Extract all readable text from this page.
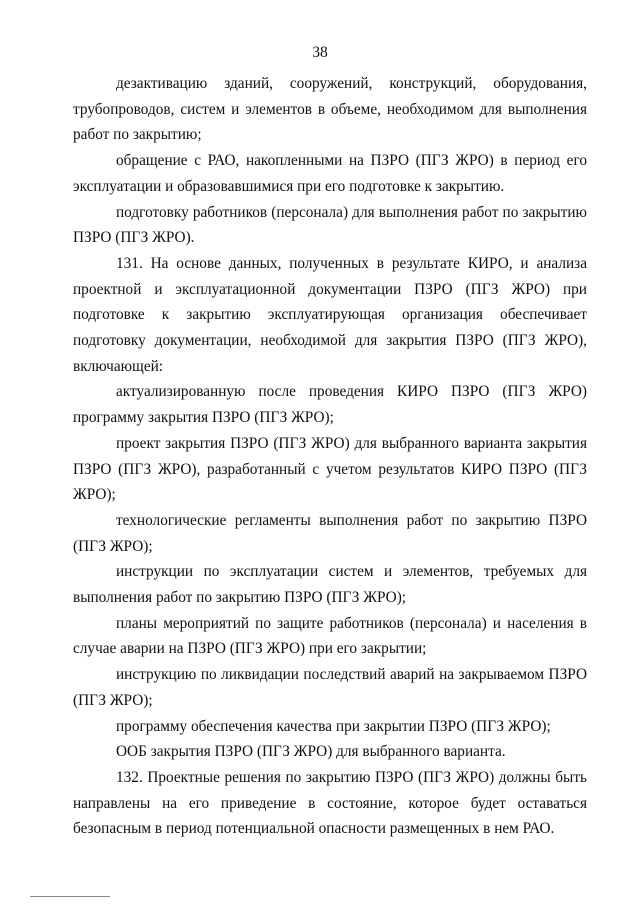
38

дезактивацию зданий, сооружений, конструкций, оборудования, трубопроводов, систем и элементов в объеме, необходимом для выполнения работ по закрытию;

обращение с РАО, накопленными на ПЗРО (ПГЗ ЖРО) в период его эксплуатации и образовавшимися при его подготовке к закрытию.

подготовку работников (персонала) для выполнения работ по закрытию ПЗРО (ПГЗ ЖРО).

131. На основе данных, полученных в результате КИРО, и анализа проектной и эксплуатационной документации ПЗРО (ПГЗ ЖРО) при подготовке к закрытию эксплуатирующая организация обеспечивает подготовку документации, необходимой для закрытия ПЗРО (ПГЗ ЖРО), включающей:

актуализированную после проведения КИРО ПЗРО (ПГЗ ЖРО) программу закрытия ПЗРО (ПГЗ ЖРО);

проект закрытия ПЗРО (ПГЗ ЖРО) для выбранного варианта закрытия ПЗРО (ПГЗ ЖРО), разработанный с учетом результатов КИРО ПЗРО (ПГЗ ЖРО);

технологические регламенты выполнения работ по закрытию ПЗРО (ПГЗ ЖРО);

инструкции по эксплуатации систем и элементов, требуемых для выполнения работ по закрытию ПЗРО (ПГЗ ЖРО);

планы мероприятий по защите работников (персонала) и населения в случае аварии на ПЗРО (ПГЗ ЖРО) при его закрытии;

инструкцию по ликвидации последствий аварий на закрываемом ПЗРО (ПГЗ ЖРО);

программу обеспечения качества при закрытии ПЗРО (ПГЗ ЖРО);

ООБ закрытия ПЗРО (ПГЗ ЖРО) для выбранного варианта.

132. Проектные решения по закрытию ПЗРО (ПГЗ ЖРО) должны быть направлены на его приведение в состояние, которое будет оставаться безопасным в период потенциальной опасности размещенных в нем РАО.
